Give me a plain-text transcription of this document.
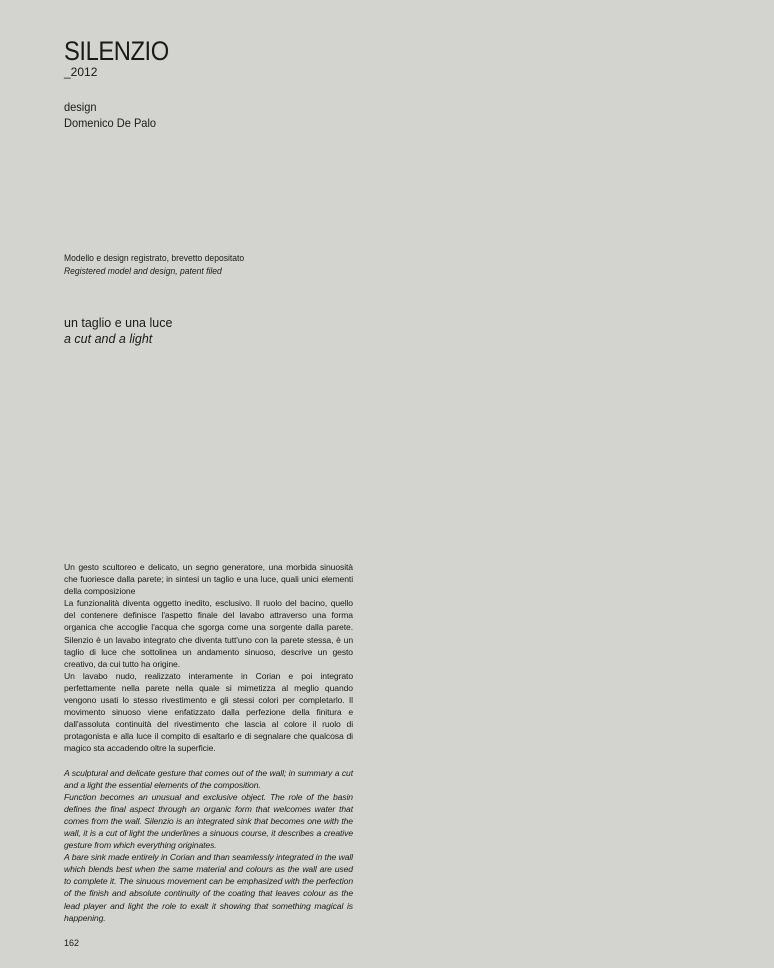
SILENZIO
_2012
design
Domenico De Palo
Modello e design registrato, brevetto depositato
Registered model and design, patent filed
un taglio e una luce
a cut and a light

Un gesto scultoreo e delicato, un segno generatore, una morbida sinuosità che fuoriesce dalla parete; in sintesi un taglio e una luce, quali unici elementi della composizione

La funzionalità diventa oggetto inedito, esclusivo. Il ruolo del bacino, quello del contenere definisce l'aspetto finale del lavabo attraverso una forma organica che accoglie l'acqua che sgorga come una sorgente dalla parete. Silenzio è un lavabo integrato che diventa tutt'uno con la parete stessa, è un taglio di luce che sottolinea un andamento sinuoso, descrive un gesto creativo, da cui tutto ha origine.

Un lavabo nudo, realizzato interamente in Corian e poi integrato perfettamente nella parete nella quale si mimetizza al meglio quando vengono usati lo stesso rivestimento e gli stessi colori per completarlo. Il movimento sinuoso viene enfatizzato dalla perfezione della finitura e dall'assoluta continuità del rivestimento che lascia al colore il ruolo di protagonista e alla luce il compito di esaltarlo e di segnalare che qualcosa di magico sta accadendo oltre la superficie.

A sculptural and delicate gesture that comes out of the wall; in summary a cut and a light the essential elements of the composition.

Function becomes an unusual and exclusive object. The role of the basin defines the final aspect through an organic form that welcomes water that comes from the wall. Silenzio is an integrated sink that becomes one with the wall, it is a cut of light the underlines a sinuous course, it describes a creative gesture from which everything originates.

A bare sink made entirely in Corian and than seamlessly integrated in the wall which blends best when the same material and colours as the wall are used to complete it. The sinuous movement can be emphasized with the perfection of the finish and absolute continuity of the coating that leaves colour as the lead player and light the role to exalt it showing that something magical is happening.

162
